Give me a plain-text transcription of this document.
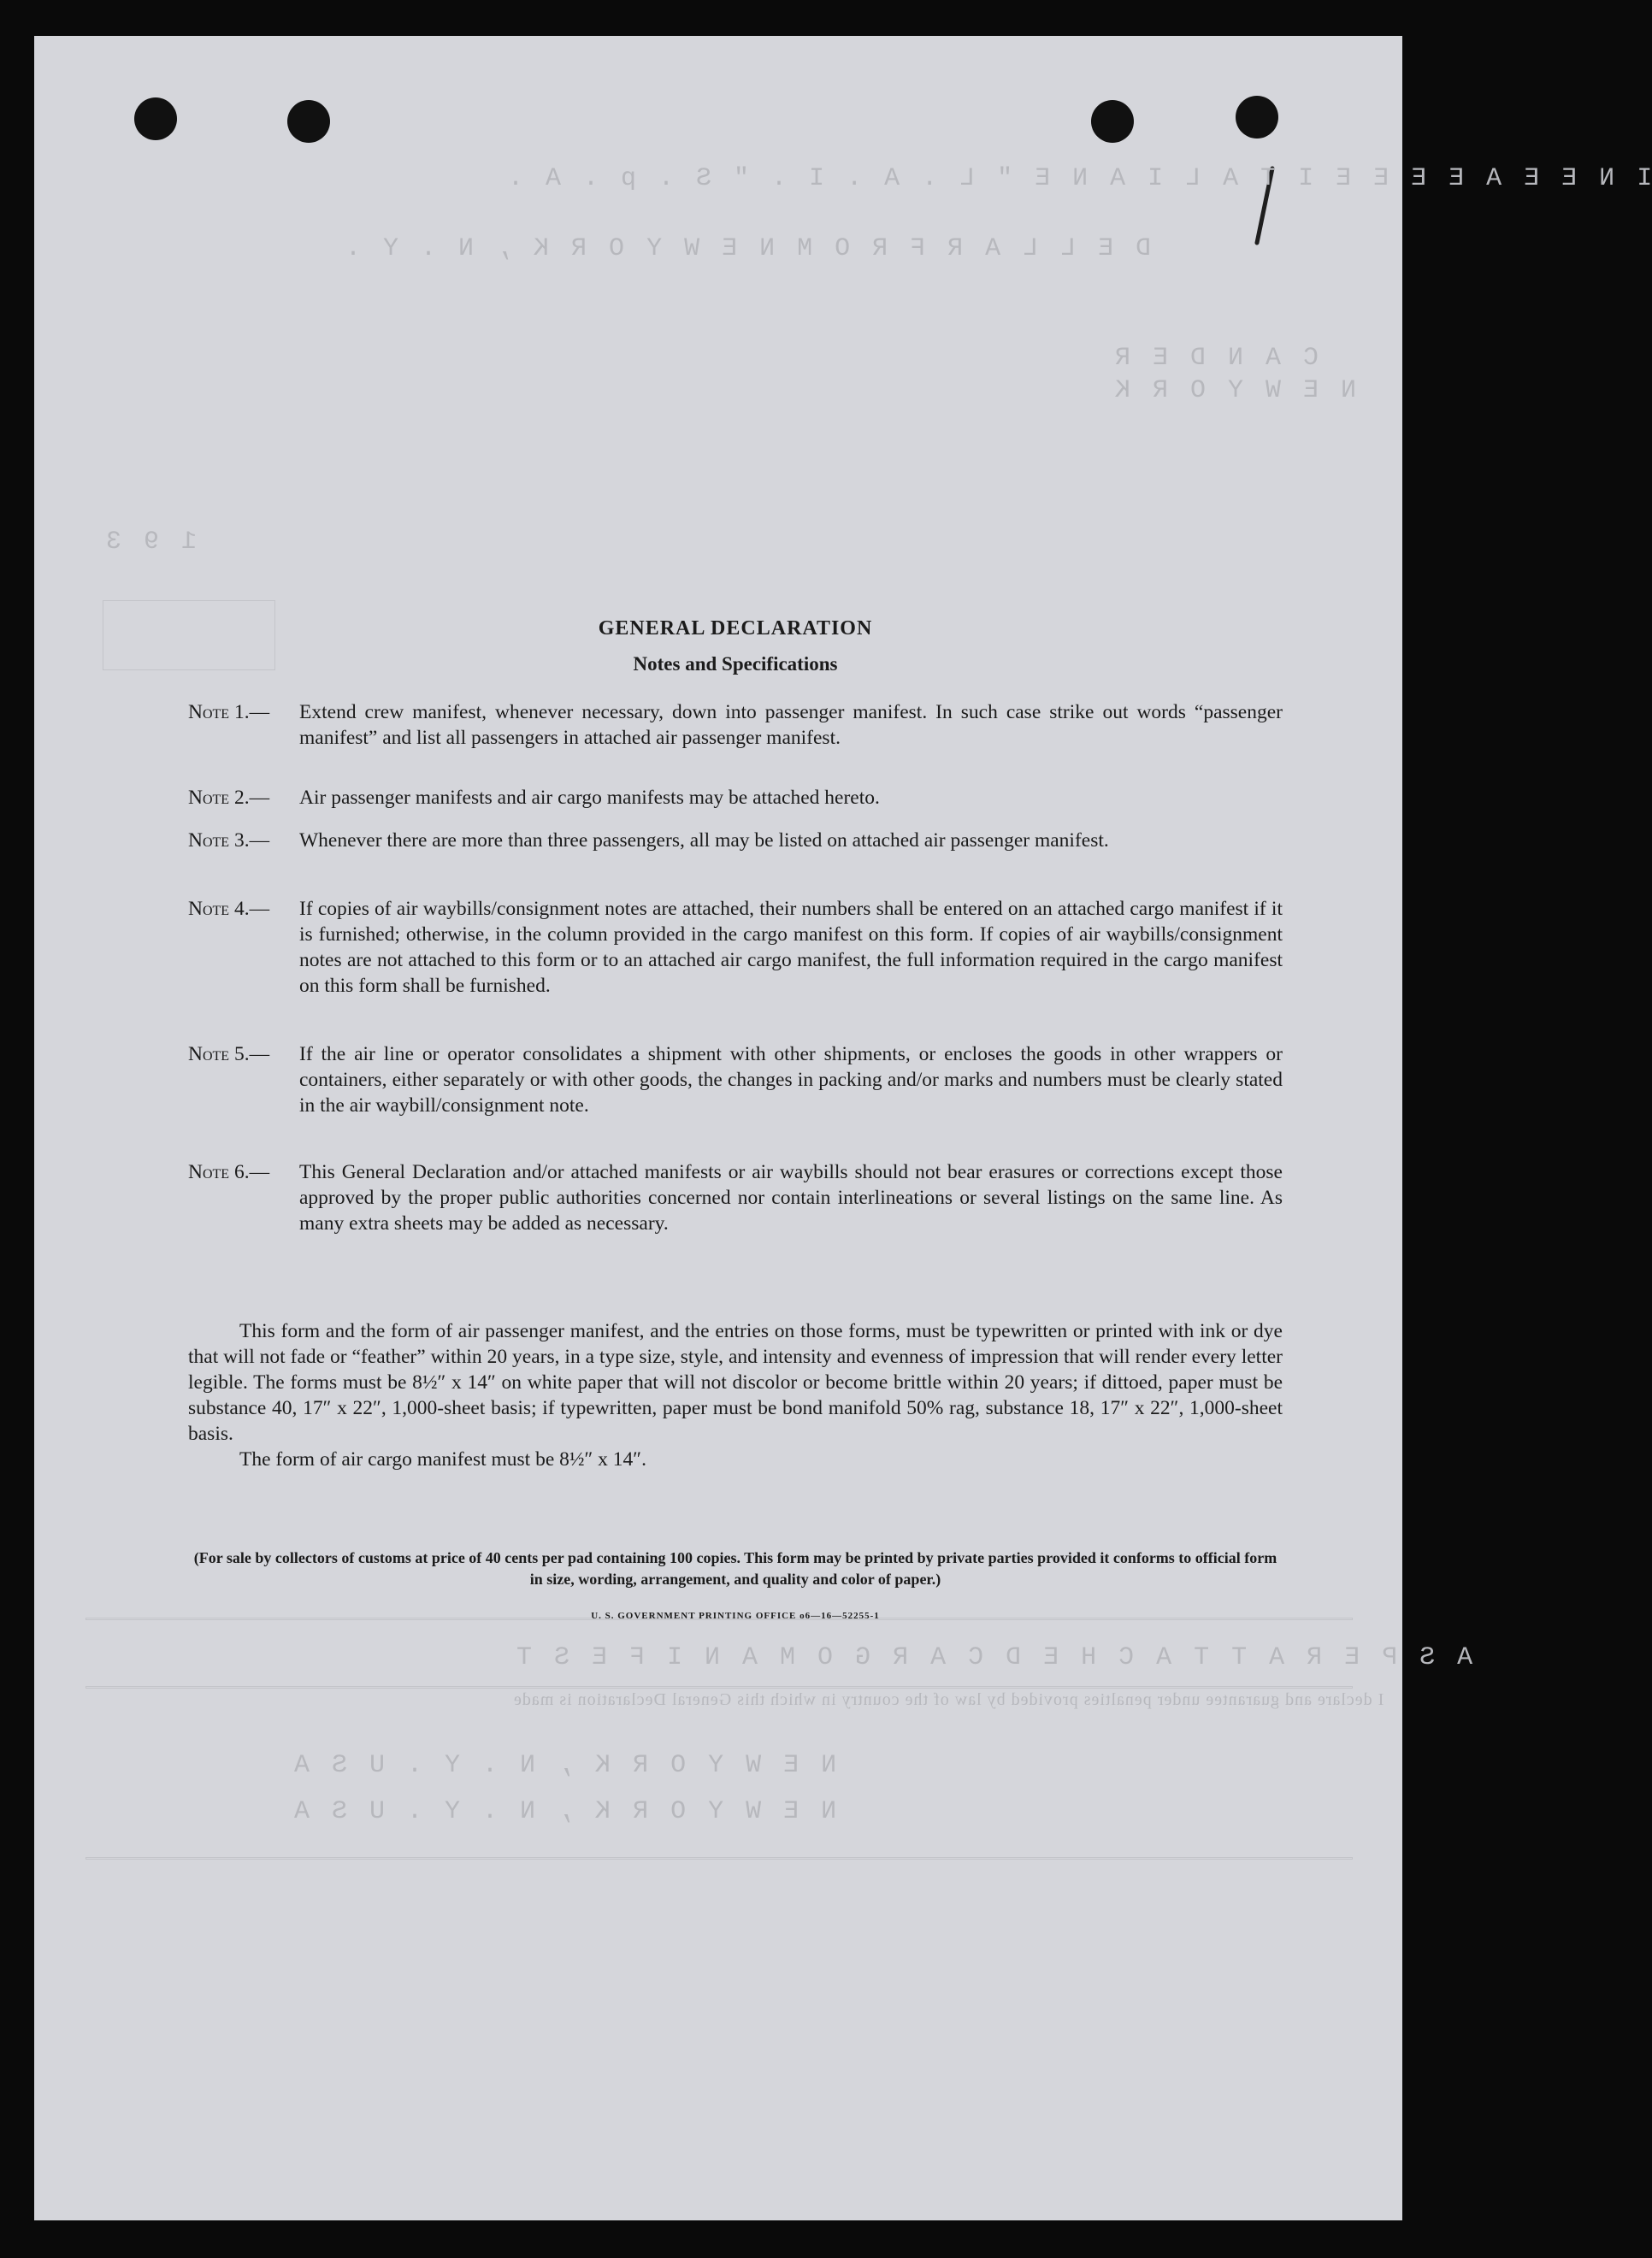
I N E E A E E E E I T A L I A N E " L . A . I . " S . p . A .
D E L L A R F R O M N E W Y O R K , N . Y .
C A N D E R
N E W Y O R K
1 9 3
A S P E R A T T A C H E D C A R G O M A N I F E S T
N E W Y O R K , N . Y . U S A
N E W Y O R K , N . Y . U S A
I declare and guarantee under penalties provided by law of the country in which this General Declaration is made
GENERAL DECLARATION
Notes and Specifications
Note 1.—	Extend crew manifest, whenever necessary, down into passenger manifest. In such case strike out words “passenger manifest” and list all passengers in attached air passenger manifest.
Note 2.—	Air passenger manifests and air cargo manifests may be attached hereto.
Note 3.—	Whenever there are more than three passengers, all may be listed on attached air passenger manifest.
Note 4.—	If copies of air waybills/consignment notes are attached, their numbers shall be entered on an attached cargo manifest if it is furnished; otherwise, in the column provided in the cargo manifest on this form. If copies of air waybills/consignment notes are not attached to this form or to an attached air cargo manifest, the full information required in the cargo manifest on this form shall be furnished.
Note 5.—	If the air line or operator consolidates a shipment with other shipments, or encloses the goods in other wrappers or containers, either separately or with other goods, the changes in packing and/or marks and numbers must be clearly stated in the air waybill/consignment note.
Note 6.—	This General Declaration and/or attached manifests or air waybills should not bear erasures or corrections except those approved by the proper public authorities concerned nor contain interlineations or several listings on the same line. As many extra sheets may be added as necessary.
This form and the form of air passenger manifest, and the entries on those forms, must be typewritten or printed with ink or dye that will not fade or “feather” within 20 years, in a type size, style, and intensity and evenness of impression that will render every letter legible. The forms must be 8½″ x 14″ on white paper that will not discolor or become brittle within 20 years; if dittoed, paper must be substance 40, 17″ x 22″, 1,000-sheet basis; if typewritten, paper must be bond manifold 50% rag, substance 18, 17″ x 22″, 1,000-sheet basis.
The form of air cargo manifest must be 8½″ x 14″.
(For sale by collectors of customs at price of 40 cents per pad containing 100 copies. This form may be printed by private parties provided it conforms to official form in size, wording, arrangement, and quality and color of paper.)
U. S. GOVERNMENT PRINTING OFFICE o6—16—52255-1
